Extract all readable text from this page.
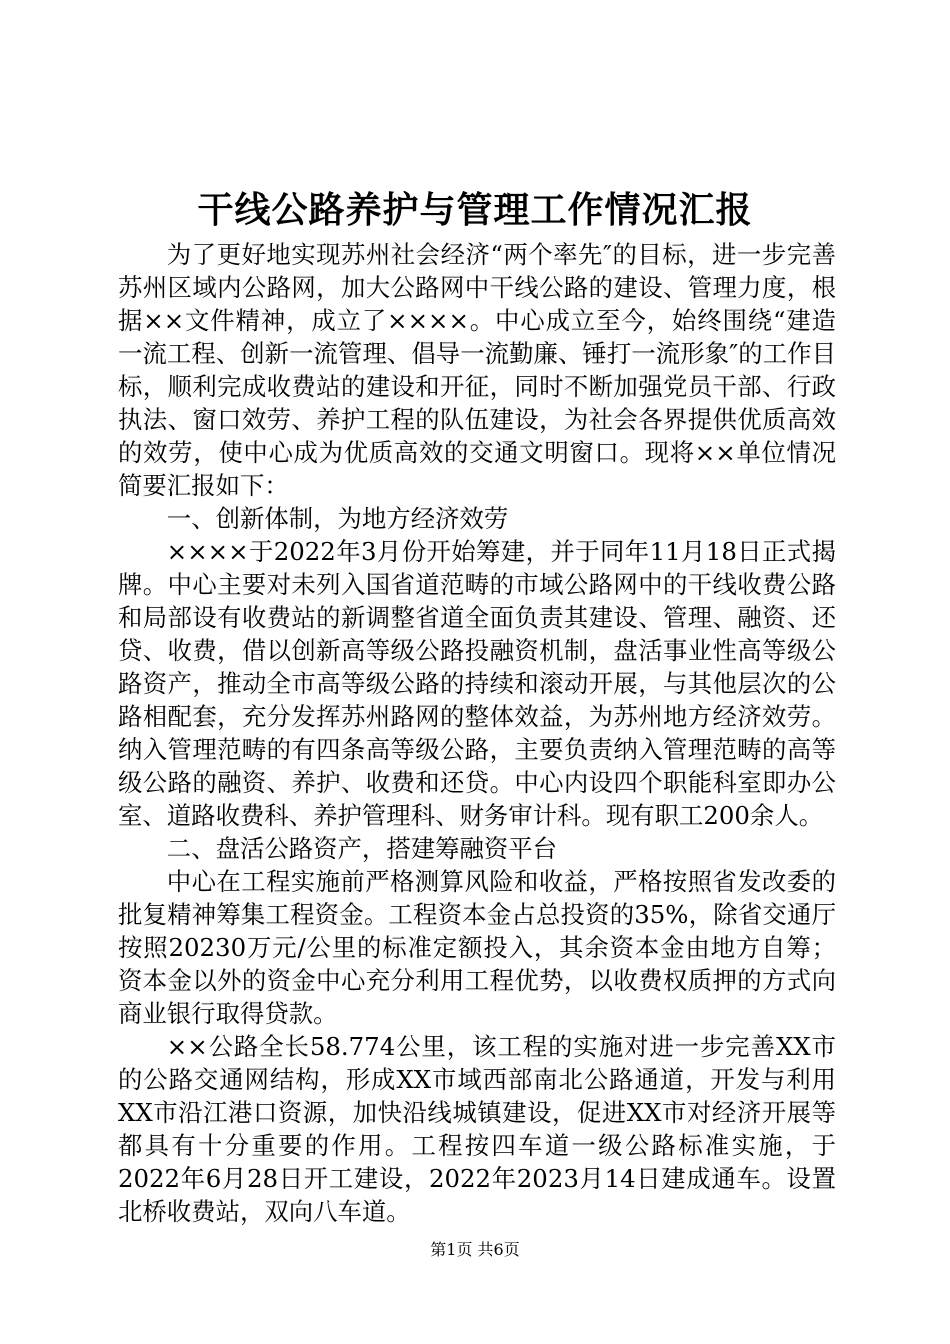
干线公路养护与管理工作情况汇报

为了更好地实现苏州社会经济“两个率先″的目标，进一步完善苏州区域内公路网，加大公路网中干线公路的建设、管理力度，根据××文件精神，成立了××××。中心成立至今，始终围绕“建造一流工程、创新一流管理、倡导一流勤廉、锤打一流形象″的工作目标，顺利完成收费站的建设和开征，同时不断加强党员干部、行政执法、窗口效劳、养护工程的队伍建设，为社会各界提供优质高效的效劳，使中心成为优质高效的交通文明窗口。现将××单位情况简要汇报如下：

一、创新体制，为地方经济效劳

××××于2022年3月份开始筹建，并于同年11月18日正式揭牌。中心主要对未列入国省道范畴的市域公路网中的干线收费公路和局部设有收费站的新调整省道全面负责其建设、管理、融资、还贷、收费，借以创新高等级公路投融资机制，盘活事业性高等级公路资产，推动全市高等级公路的持续和滚动开展，与其他层次的公路相配套，充分发挥苏州路网的整体效益，为苏州地方经济效劳。纳入管理范畴的有四条高等级公路，主要负责纳入管理范畴的高等级公路的融资、养护、收费和还贷。中心内设四个职能科室即办公室、道路收费科、养护管理科、财务审计科。现有职工200余人。

二、盘活公路资产，搭建筹融资平台

中心在工程实施前严格测算风险和收益，严格按照省发改委的批复精神筹集工程资金。工程资本金占总投资的35%，除省交通厅按照20230万元/公里的标准定额投入，其余资本金由地方自筹；资本金以外的资金中心充分利用工程优势，以收费权质押的方式向商业银行取得贷款。

××公路全长58.774公里，该工程的实施对进一步完善XX市的公路交通网结构，形成XX市域西部南北公路通道，开发与利用XX市沿江港口资源，加快沿线城镇建设，促进XX市对经济开展等都具有十分重要的作用。工程按四车道一级公路标准实施，于2022年6月28日开工建设，2022年2023月14日建成通车。设置北桥收费站，双向八车道。

第1页 共6页
